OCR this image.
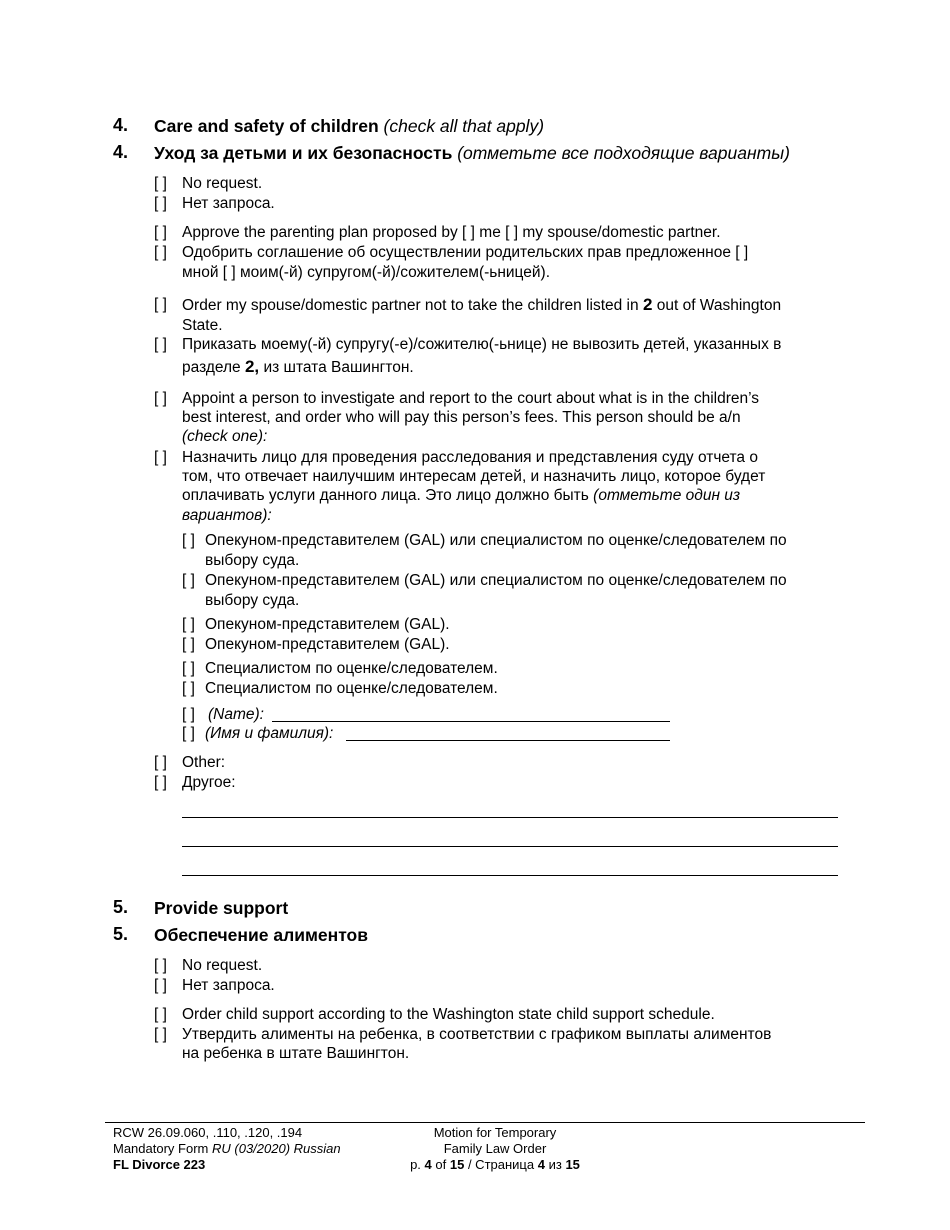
4. Care and safety of children (check all that apply)
4. Уход за детьми и их безопасность (отметьте все подходящие варианты)
[ ] No request.
[ ] Нет запроса.
[ ] Approve the parenting plan proposed by [ ] me [ ] my spouse/domestic partner.
[ ] Одобрить соглашение об осуществлении родительских прав предложенное [ ]
мной [ ] моим(-й) супругом(-й)/сожителем(-ьницей).
[ ] Order my spouse/domestic partner not to take the children listed in 2 out of Washington
State.
[ ] Приказать моему(-й) супругу(-е)/сожителю(-ьнице) не вывозить детей, указанных в
разделе 2, из штата Вашингтон.
[ ] Appoint a person to investigate and report to the court about what is in the children’s
best interest, and order who will pay this person’s fees. This person should be a/n
(check one):
[ ] Назначить лицо для проведения расследования и представления суду отчета о
том, что отвечает наилучшим интересам детей, и назначить лицо, которое будет
оплачивать услуги данного лица. Это лицо должно быть (отметьте один из
вариантов):
[ ] Опекуном-представителем (GAL) или специалистом по оценке/следователем по
выбору суда.
[ ] Опекуном-представителем (GAL) или специалистом по оценке/следователем по
выбору суда.
[ ] Опекуном-представителем (GAL).
[ ] Опекуном-представителем (GAL).
[ ] Специалистом по оценке/следователем.
[ ] Специалистом по оценке/следователем.
[ ] (Name):
[ ] (Имя и фамилия):
[ ] Other:
[ ] Другое:
5. Provide support
5. Обеспечение алиментов
[ ] No request.
[ ] Нет запроса.
[ ] Order child support according to the Washington state child support schedule.
[ ] Утвердить алименты на ребенка, в соответствии с графиком выплаты алиментов
на ребенка в штате Вашингтон.
RCW 26.09.060, .110, .120, .194
Mandatory Form RU (03/2020) Russian
FL Divorce 223
Motion for Temporary
Family Law Order
p. 4 of 15 / Страница 4 из 15
